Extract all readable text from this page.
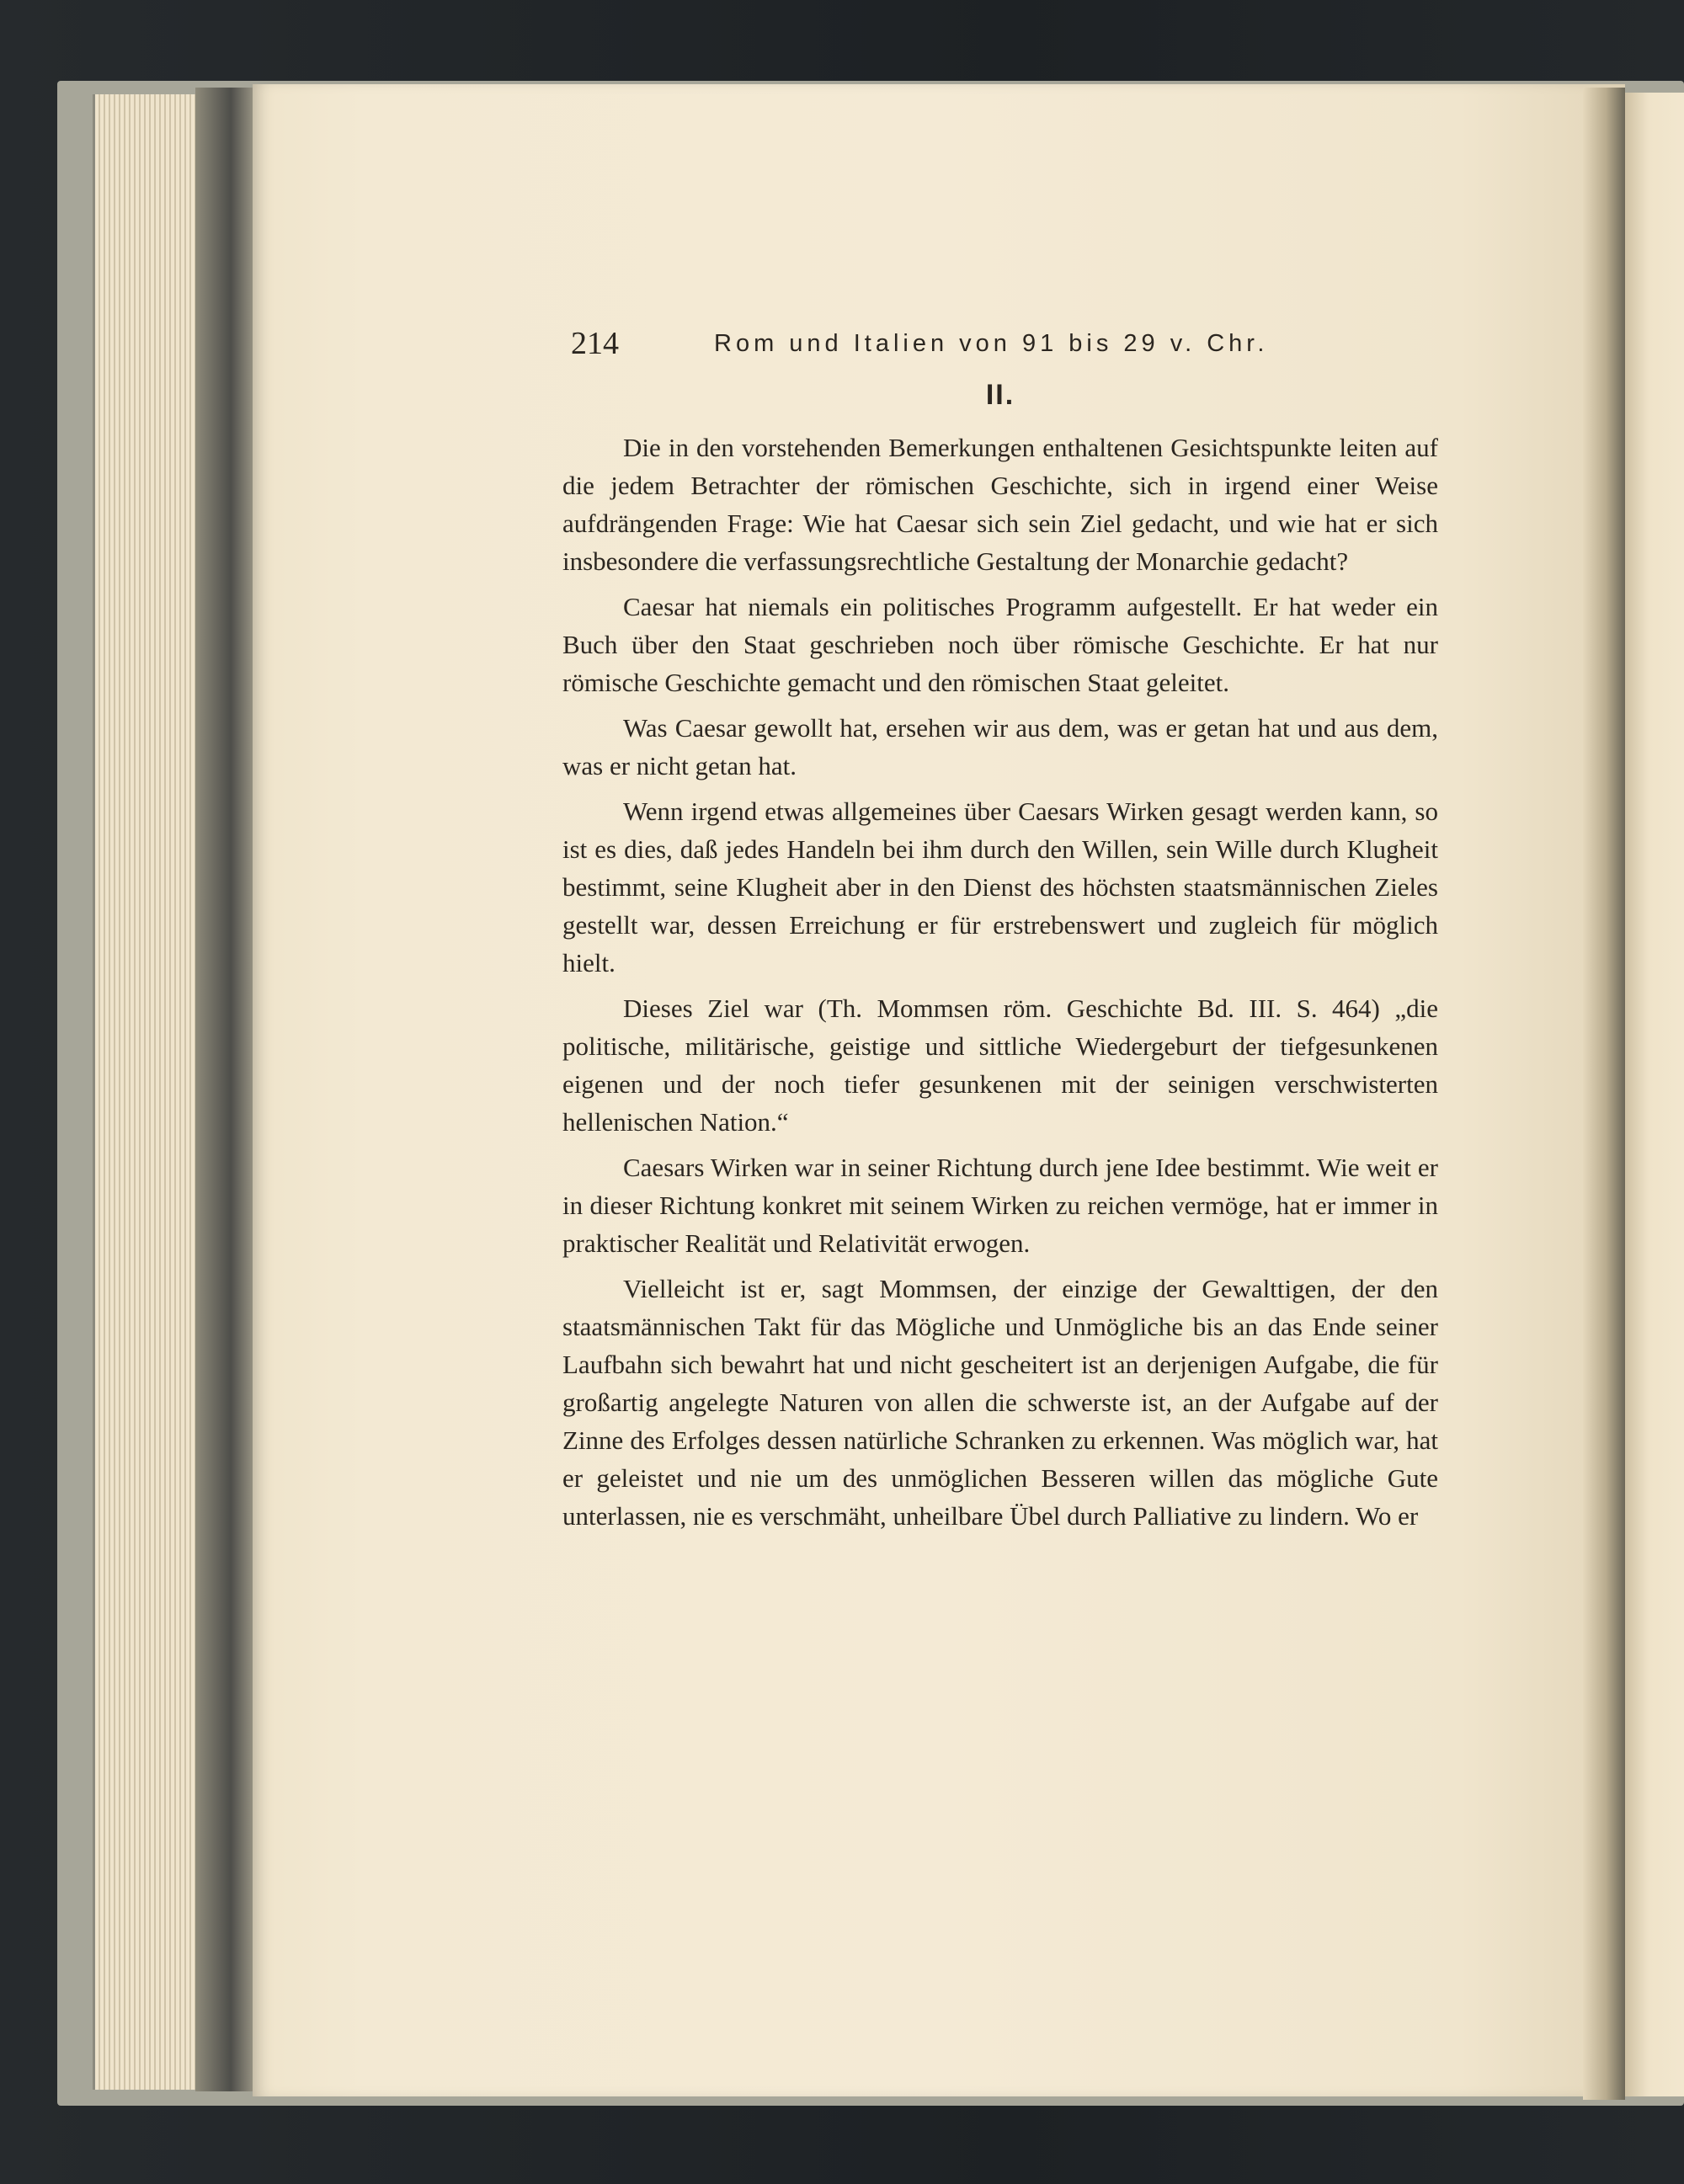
214	Rom und Italien von 91 bis 29 v. Chr.
II.

Die in den vorstehenden Bemerkungen enthaltenen Gesichtspunkte leiten auf die jedem Betrachter der römischen Geschichte, sich in irgend einer Weise aufdrängenden Frage: Wie hat Caesar sich sein Ziel gedacht, und wie hat er sich insbesondere die verfassungsrechtliche Gestaltung der Monarchie gedacht?

Caesar hat niemals ein politisches Programm aufgestellt. Er hat weder ein Buch über den Staat geschrieben noch über römische Geschichte. Er hat nur römische Geschichte gemacht und den römischen Staat geleitet.

Was Caesar gewollt hat, ersehen wir aus dem, was er getan hat und aus dem, was er nicht getan hat.

Wenn irgend etwas allgemeines über Caesars Wirken gesagt werden kann, so ist es dies, daß jedes Handeln bei ihm durch den Willen, sein Wille durch Klugheit bestimmt, seine Klugheit aber in den Dienst des höchsten staatsmännischen Zieles gestellt war, dessen Erreichung er für erstrebenswert und zugleich für möglich hielt.

Dieses Ziel war (Th. Mommsen röm. Geschichte Bd. III. S. 464) „die politische, militärische, geistige und sittliche Wiedergeburt der tiefgesunkenen eigenen und der noch tiefer gesunkenen mit der seinigen verschwisterten hellenischen Nation.“

Caesars Wirken war in seiner Richtung durch jene Idee bestimmt. Wie weit er in dieser Richtung konkret mit seinem Wirken zu reichen vermöge, hat er immer in praktischer Realität und Relativität erwogen.

Vielleicht ist er, sagt Mommsen, der einzige der Gewalttigen, der den staatsmännischen Takt für das Mögliche und Unmögliche bis an das Ende seiner Laufbahn sich bewahrt hat und nicht gescheitert ist an derjenigen Aufgabe, die für großartig angelegte Naturen von allen die schwerste ist, an der Aufgabe auf der Zinne des Erfolges dessen natürliche Schranken zu erkennen. Was möglich war, hat er geleistet und nie um des unmöglichen Besseren willen das mögliche Gute unterlassen, nie es verschmäht, unheilbare Übel durch Palliative zu lindern. Wo er
